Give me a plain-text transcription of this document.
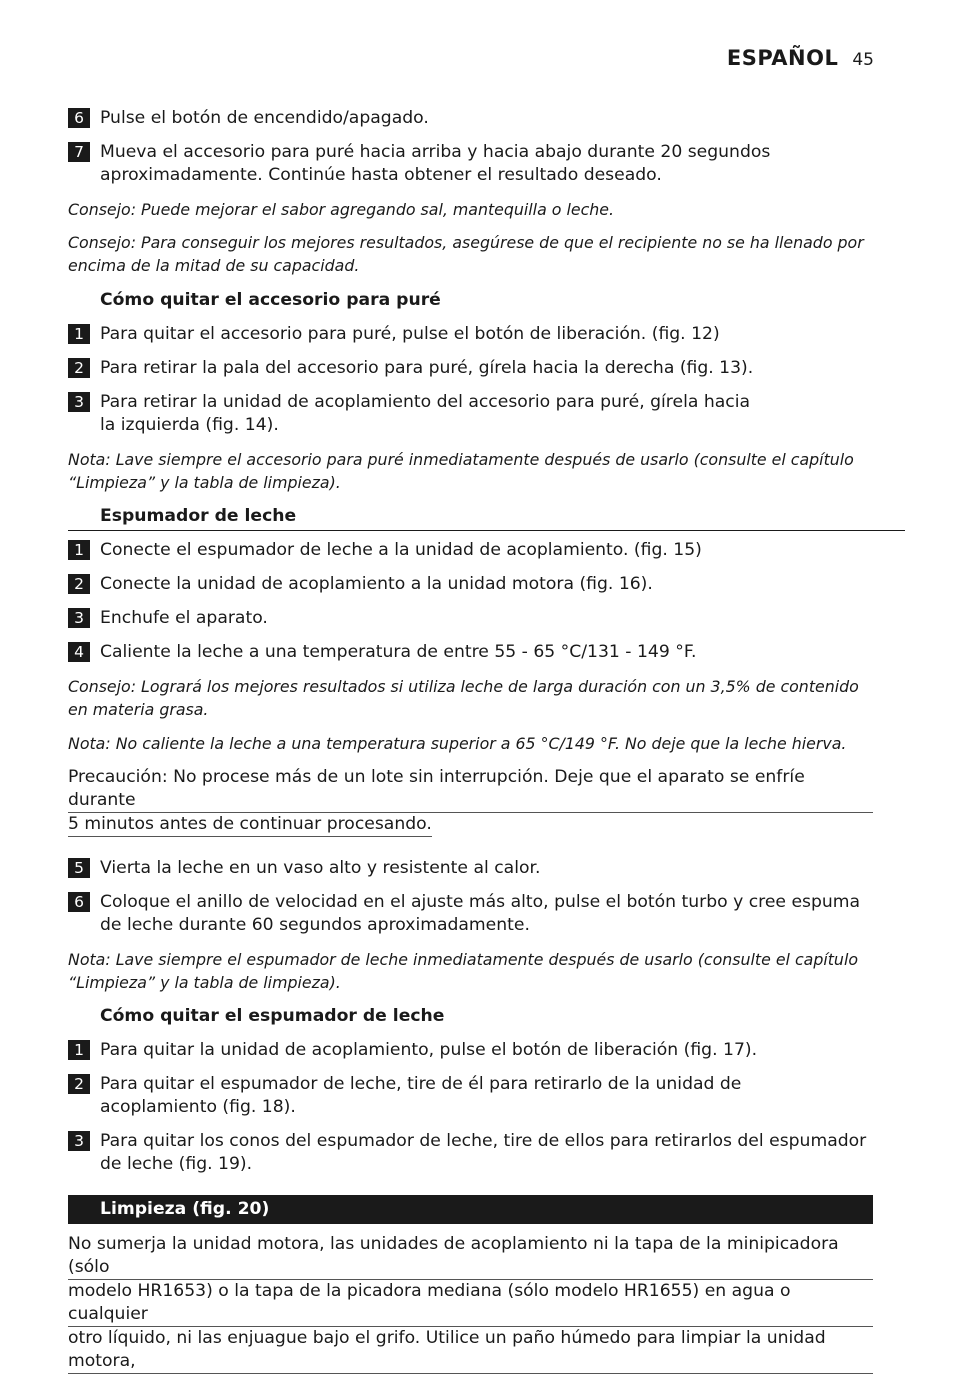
ESPAÑOL 45
6 Pulse el botón de encendido/apagado.
7 Mueva el accesorio para puré hacia arriba y hacia abajo durante 20 segundos aproximadamente. Continúe hasta obtener el resultado deseado.
Consejo: Puede mejorar el sabor agregando sal, mantequilla o leche.
Consejo: Para conseguir los mejores resultados, asegúrese de que el recipiente no se ha llenado por encima de la mitad de su capacidad.
Cómo quitar el accesorio para puré
1 Para quitar el accesorio para puré, pulse el botón de liberación. (fig. 12)
2 Para retirar la pala del accesorio para puré, gírela hacia la derecha (fig. 13).
3 Para retirar la unidad de acoplamiento del accesorio para puré, gírela hacia la izquierda (fig. 14).
Nota: Lave siempre el accesorio para puré inmediatamente después de usarlo (consulte el capítulo “Limpieza” y la tabla de limpieza).
Espumador de leche
1 Conecte el espumador de leche a la unidad de acoplamiento. (fig. 15)
2 Conecte la unidad de acoplamiento a la unidad motora (fig. 16).
3 Enchufe el aparato.
4 Caliente la leche a una temperatura de entre 55 - 65 °C/131 - 149 °F.
Consejo: Logrará los mejores resultados si utiliza leche de larga duración con un 3,5% de contenido en materia grasa.
Nota: No caliente la leche a una temperatura superior a 65 °C/149 °F. No deje que la leche hierva.
Precaución: No procese más de un lote sin interrupción. Deje que el aparato se enfríe durante
5 minutos antes de continuar procesando.
5 Vierta la leche en un vaso alto y resistente al calor.
6 Coloque el anillo de velocidad en el ajuste más alto, pulse el botón turbo y cree espuma de leche durante 60 segundos aproximadamente.
Nota: Lave siempre el espumador de leche inmediatamente después de usarlo (consulte el capítulo “Limpieza” y la tabla de limpieza).
Cómo quitar el espumador de leche
1 Para quitar la unidad de acoplamiento, pulse el botón de liberación (fig. 17).
2 Para quitar el espumador de leche, tire de él para retirarlo de la unidad de acoplamiento (fig. 18).
3 Para quitar los conos del espumador de leche, tire de ellos para retirarlos del espumador de leche (fig. 19).
Limpieza (fig. 20)
No sumerja la unidad motora, las unidades de acoplamiento ni la tapa de la minipicadora (sólo
modelo HR1653) o la tapa de la picadora mediana (sólo modelo HR1655) en agua o cualquier
otro líquido, ni las enjuague bajo el grifo. Utilice un paño húmedo para limpiar la unidad motora,
